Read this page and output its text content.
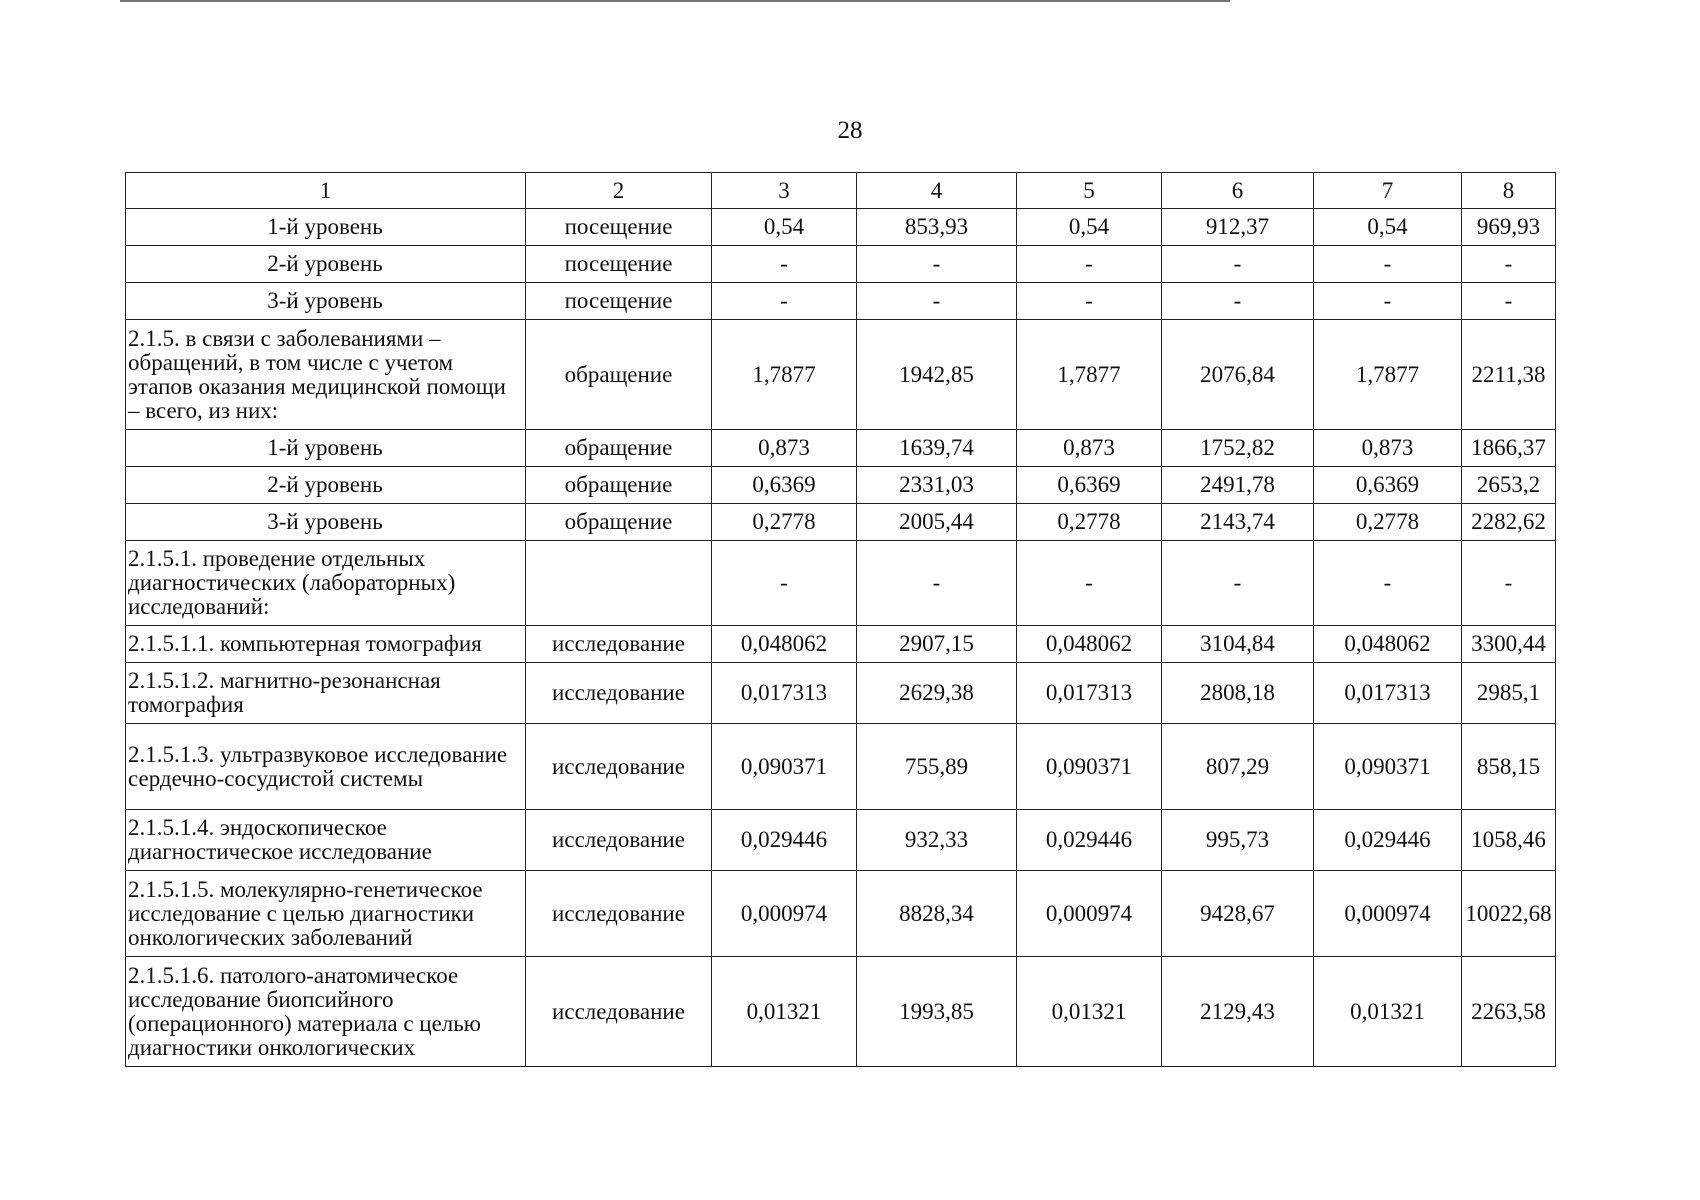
28
1	2	3	4	5	6	7	8
1-й уровень	посещение	0,54	853,93	0,54	912,37	0,54	969,93
2-й уровень	посещение	-	-	-	-	-	-
3-й уровень	посещение	-	-	-	-	-	-
2.1.5. в связи с заболеваниями – обращений, в том числе с учетом этапов оказания медицинской помощи – всего, из них:	обращение	1,7877	1942,85	1,7877	2076,84	1,7877	2211,38
1-й уровень	обращение	0,873	1639,74	0,873	1752,82	0,873	1866,37
2-й уровень	обращение	0,6369	2331,03	0,6369	2491,78	0,6369	2653,2
3-й уровень	обращение	0,2778	2005,44	0,2778	2143,74	0,2778	2282,62
2.1.5.1. проведение отдельных диагностических (лабораторных) исследований:		-	-	-	-	-	-
2.1.5.1.1. компьютерная томография	исследование	0,048062	2907,15	0,048062	3104,84	0,048062	3300,44
2.1.5.1.2. магнитно-резонансная томография	исследование	0,017313	2629,38	0,017313	2808,18	0,017313	2985,1
2.1.5.1.3. ультразвуковое исследование сердечно-сосудистой системы	исследование	0,090371	755,89	0,090371	807,29	0,090371	858,15
2.1.5.1.4. эндоскопическое диагностическое исследование	исследование	0,029446	932,33	0,029446	995,73	0,029446	1058,46
2.1.5.1.5. молекулярно-генетическое исследование с целью диагностики онкологических заболеваний	исследование	0,000974	8828,34	0,000974	9428,67	0,000974	10022,68
2.1.5.1.6. патолого-анатомическое исследование биопсийного (операционного) материала с целью диагностики онкологических	исследование	0,01321	1993,85	0,01321	2129,43	0,01321	2263,58
